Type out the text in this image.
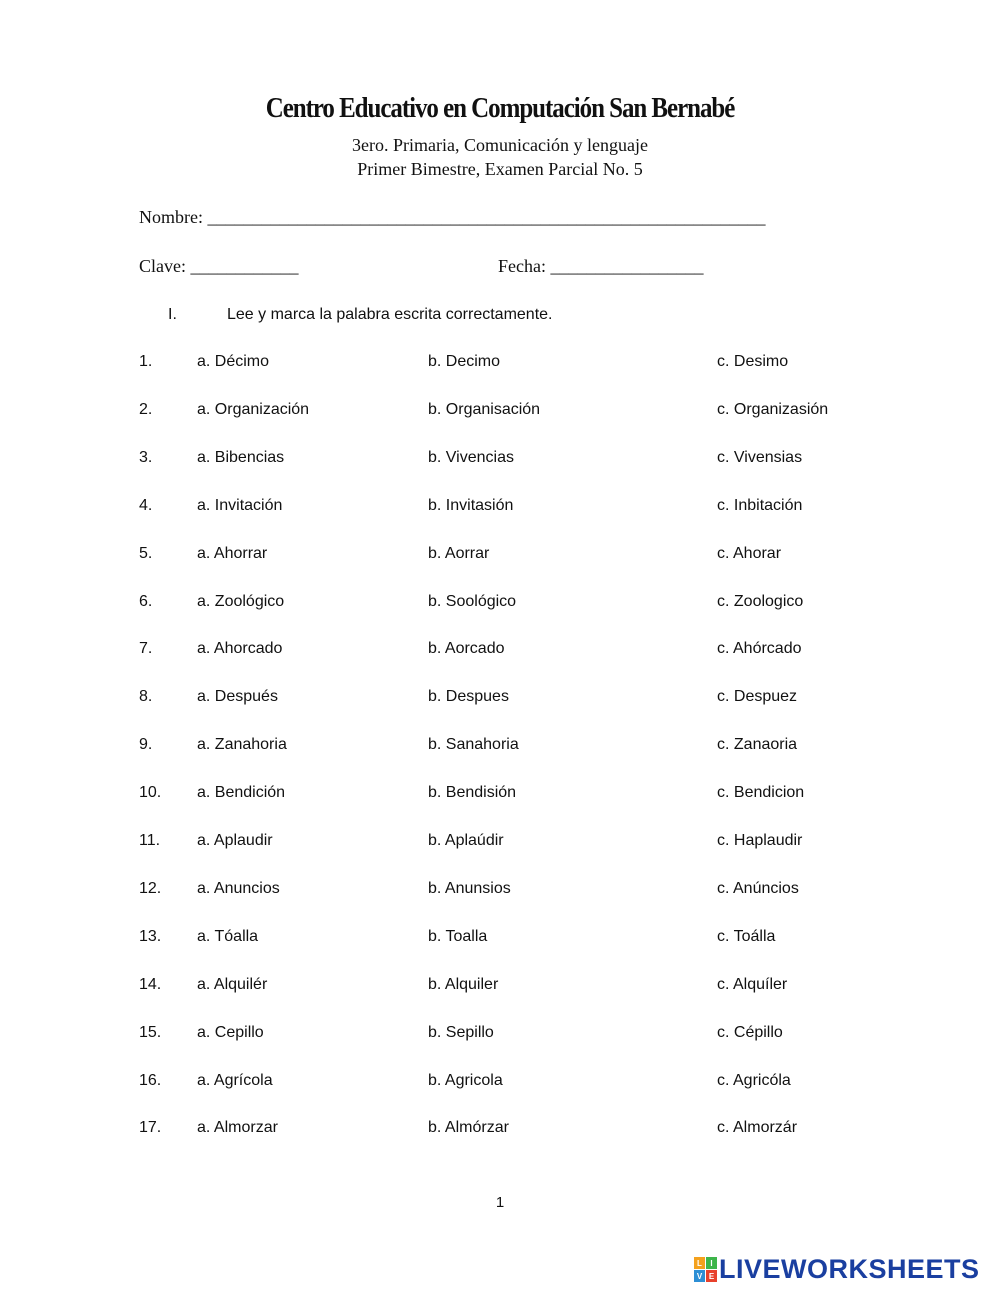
Centro Educativo en Computación San Bernabé
3ero. Primaria, Comunicación y lenguaje
Primer Bimestre, Examen Parcial No. 5
Nombre: ______________________________________________________________
Clave: ____________	Fecha: _________________
I.	Lee y marca la palabra escrita correctamente.
1.	a. Décimo	b. Decimo	c. Desimo
2.	a. Organización	b. Organisación	c. Organizasión
3.	a. Bibencias	b. Vivencias	c. Vivensias
4.	a. Invitación	b. Invitasión	c. Inbitación
5.	a. Ahorrar	b. Aorrar	c. Ahorar
6.	a. Zoológico	b. Soológico	c. Zoologico
7.	a. Ahorcado	b. Aorcado	c. Ahórcado
8.	a. Después	b. Despues	c. Despuez
9.	a. Zanahoria	b. Sanahoria	c. Zanaoria
10. a. Bendición	b. Bendisión	c. Bendicion
11. a. Aplaudir	b. Aplaúdir	c. Haplaudir
12. a. Anuncios	b. Anunsios	c. Anúncios
13. a. Tóalla	b. Toalla	c. Toálla
14. a. Alquilér	b. Alquiler	c. Alquíler
15. a. Cepillo	b. Sepillo	c. Cépillo
16. a. Agrícola	b. Agricola	c. Agricóla
17. a. Almorzar	b. Almórzar	c. Almorzár
1
L	I
V E LIVEWORKSHEETS
